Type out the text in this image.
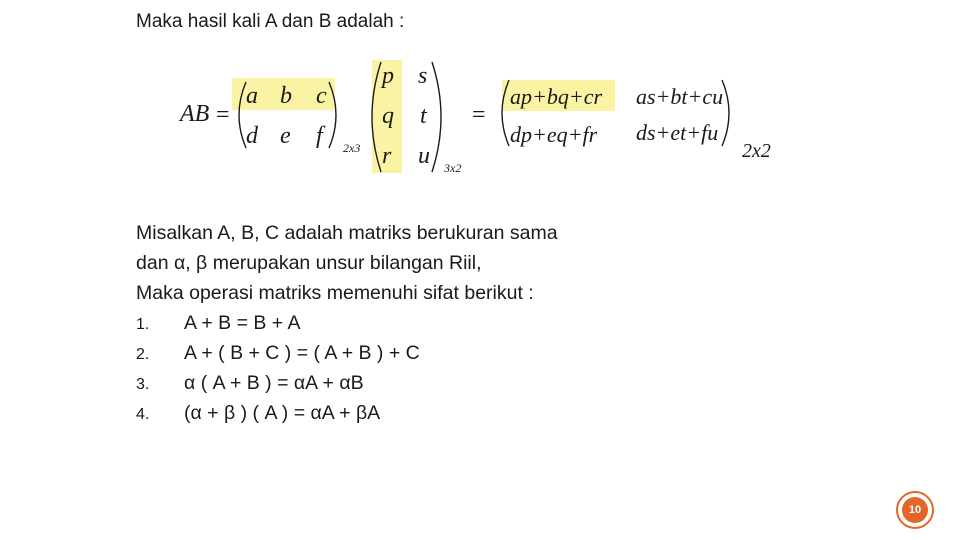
Maka hasil kali A dan B adalah :
AB =
a b c
d e f 2x3
p s
q t
r u 3x2
=
ap+bq+cr as+bt+cu
dp+eq+fr ds+et+fu
2x2
Misalkan A, B, C adalah matriks berukuran sama
dan α, β merupakan unsur bilangan Riil,
Maka operasi matriks memenuhi sifat berikut :
1. A + B = B + A
2. A + ( B + C ) = ( A + B ) + C
3. α ( A + B ) = αA + αB
4. (α + β ) ( A ) = αA + βA
10
